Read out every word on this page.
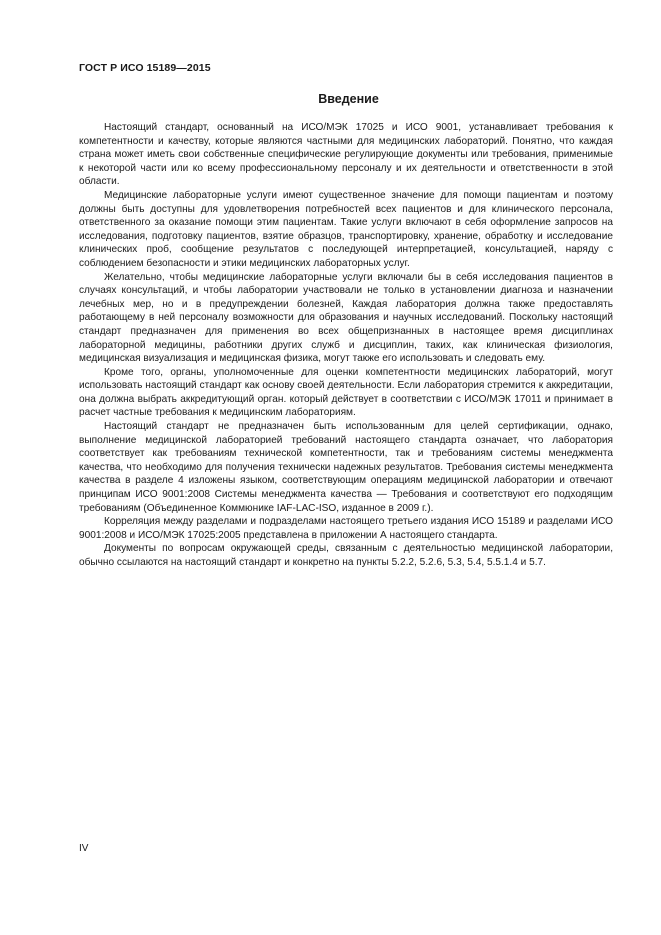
ГОСТ Р ИСО 15189—2015
Введение

Настоящий стандарт, основанный на ИСО/МЭК 17025 и ИСО 9001, устанавливает требования к компетентности и качеству, которые являются частными для медицинских лабораторий. Понятно, что каждая страна может иметь свои собственные специфические регулирующие документы или требования, применимые к некоторой части или ко всему профессиональному персоналу и их деятельности и ответственности в этой области.

Медицинские лабораторные услуги имеют существенное значение для помощи пациентам и поэтому должны быть доступны для удовлетворения потребностей всех пациентов и для клинического персонала, ответственного за оказание помощи этим пациентам. Такие услуги включают в себя оформление запросов на исследования, подготовку пациентов, взятие образцов, транспортировку, хранение, обработку и исследование клинических проб, сообщение результатов с последующей интерпретацией, консультацией, наряду с соблюдением безопасности и этики медицинских лабораторных услуг.

Желательно, чтобы медицинские лабораторные услуги включали бы в себя исследования пациентов в случаях консультаций, и чтобы лаборатории участвовали не только в установлении диагноза и назначении лечебных мер, но и в предупреждении болезней, Каждая лаборатория должна также предоставлять работающему в ней персоналу возможности для образования и научных исследований. Поскольку настоящий стандарт предназначен для применения во всех общепризнанных в настоящее время дисциплинах лабораторной медицины, работники других служб и дисциплин, таких, как клиническая физиология, медицинская визуализация и медицинская физика, могут также его использовать и следовать ему.

Кроме того, органы, уполномоченные для оценки компетентности медицинских лабораторий, могут использовать настоящий стандарт как основу своей деятельности. Если лаборатория стремится к аккредитации, она должна выбрать аккредитующий орган. который действует в соответствии с ИСО/МЭК 17011 и принимает в расчет частные требования к медицинским лабораториям.

Настоящий стандарт не предназначен быть использованным для целей сертификации, однако, выполнение медицинской лабораторией требований настоящего стандарта означает, что лаборатория соответствует как требованиям технической компетентности, так и требованиям системы менеджмента качества, что необходимо для получения технически надежных результатов. Требования системы менеджмента качества в разделе 4 изложены языком, соответствующим операциям медицинской лаборатории и отвечают принципам ИСО 9001:2008 Системы менеджмента качества — Требования и соответствуют его подходящим требованиям (Объединенное Коммюнике IAF-LAC-ISO, изданное в 2009 г.).

Корреляция между разделами и подразделами настоящего третьего издания ИСО 15189 и разделами ИСО 9001:2008 и ИСО/МЭК 17025:2005 представлена в приложении А настоящего стандарта.

Документы по вопросам окружающей среды, связанным с деятельностью медицинской лаборатории, обычно ссылаются на настоящий стандарт и конкретно на пункты 5.2.2, 5.2.6, 5.3, 5.4, 5.5.1.4 и 5.7.

IV
